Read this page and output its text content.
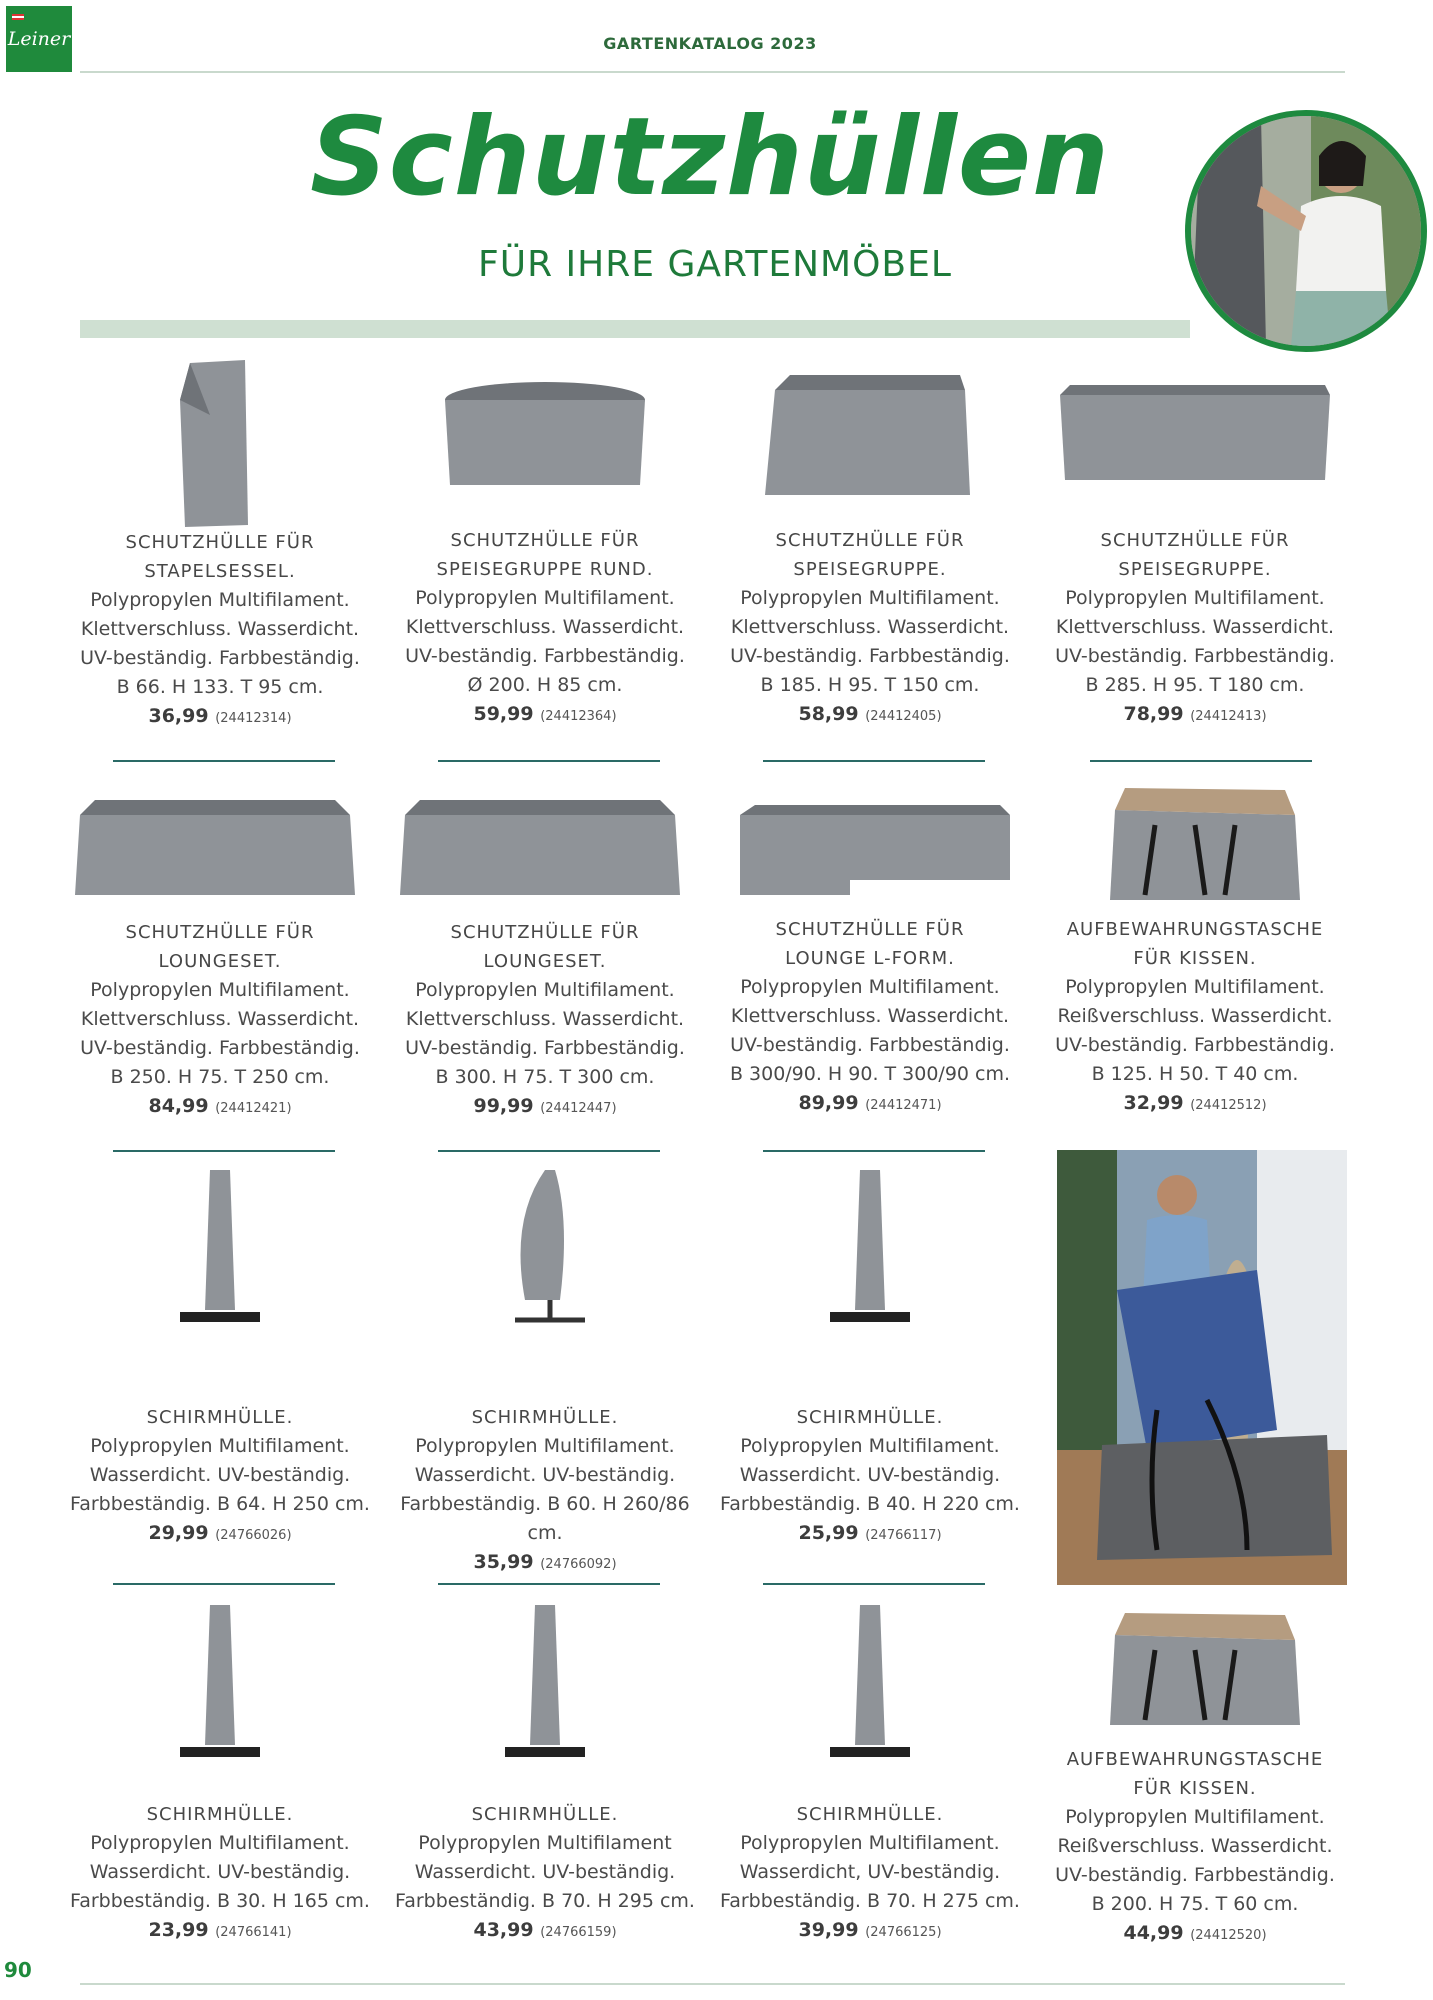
Leiner	GARTENKATALOG 2023
Schutzhüllen
FÜR IHRE GARTENMÖBEL
SCHUTZHÜLLE FÜR
STAPELSESSEL.
Polypropylen Multifilament.
Klettverschluss. Wasserdicht.
UV-beständig. Farbbeständig.
B 66. H 133. T 95 cm.
36,99 (24412314)
SCHUTZHÜLLE FÜR
SPEISEGRUPPE RUND.
Polypropylen Multifilament.
Klettverschluss. Wasserdicht.
UV-beständig. Farbbeständig.
Ø 200. H 85 cm.
59,99 (24412364)
SCHUTZHÜLLE FÜR
SPEISEGRUPPE.
Polypropylen Multifilament.
Klettverschluss. Wasserdicht.
UV-beständig. Farbbeständig.
B 185. H 95. T 150 cm.
58,99 (24412405)
SCHUTZHÜLLE FÜR
SPEISEGRUPPE.
Polypropylen Multifilament.
Klettverschluss. Wasserdicht.
UV-beständig. Farbbeständig.
B 285. H 95. T 180 cm.
78,99 (24412413)
SCHUTZHÜLLE FÜR
LOUNGESET.
Polypropylen Multifilament.
Klettverschluss. Wasserdicht.
UV-beständig. Farbbeständig.
B 250. H 75. T 250 cm.
84,99 (24412421)
SCHUTZHÜLLE FÜR
LOUNGESET.
Polypropylen Multifilament.
Klettverschluss. Wasserdicht.
UV-beständig. Farbbeständig.
B 300. H 75. T 300 cm.
99,99 (24412447)
SCHUTZHÜLLE FÜR
LOUNGE L-FORM.
Polypropylen Multifilament.
Klettverschluss. Wasserdicht.
UV-beständig. Farbbeständig.
B 300/90. H 90. T 300/90 cm.
89,99 (24412471)
AUFBEWAHRUNGSTASCHE
FÜR KISSEN.
Polypropylen Multifilament.
Reißverschluss. Wasserdicht.
UV-beständig. Farbbeständig.
B 125. H 50. T 40 cm.
32,99 (24412512)
SCHIRMHÜLLE.
Polypropylen Multifilament.
Wasserdicht. UV-beständig.
Farbbeständig. B 64. H 250 cm.
29,99 (24766026)
SCHIRMHÜLLE.
Polypropylen Multifilament.
Wasserdicht. UV-beständig.
Farbbeständig. B 60. H 260/86 cm.
35,99 (24766092)
SCHIRMHÜLLE.
Polypropylen Multifilament.
Wasserdicht. UV-beständig.
Farbbeständig. B 40. H 220 cm.
25,99 (24766117)
SCHIRMHÜLLE.
Polypropylen Multifilament.
Wasserdicht. UV-beständig.
Farbbeständig. B 30. H 165 cm.
23,99 (24766141)
SCHIRMHÜLLE.
Polypropylen Multifilament
Wasserdicht. UV-beständig.
Farbbeständig. B 70. H 295 cm.
43,99 (24766159)
SCHIRMHÜLLE.
Polypropylen Multifilament.
Wasserdicht, UV-beständig.
Farbbeständig. B 70. H 275 cm.
39,99 (24766125)
AUFBEWAHRUNGSTASCHE
FÜR KISSEN.
Polypropylen Multifilament.
Reißverschluss. Wasserdicht.
UV-beständig. Farbbeständig.
B 200. H 75. T 60 cm.
44,99 (24412520)
90
